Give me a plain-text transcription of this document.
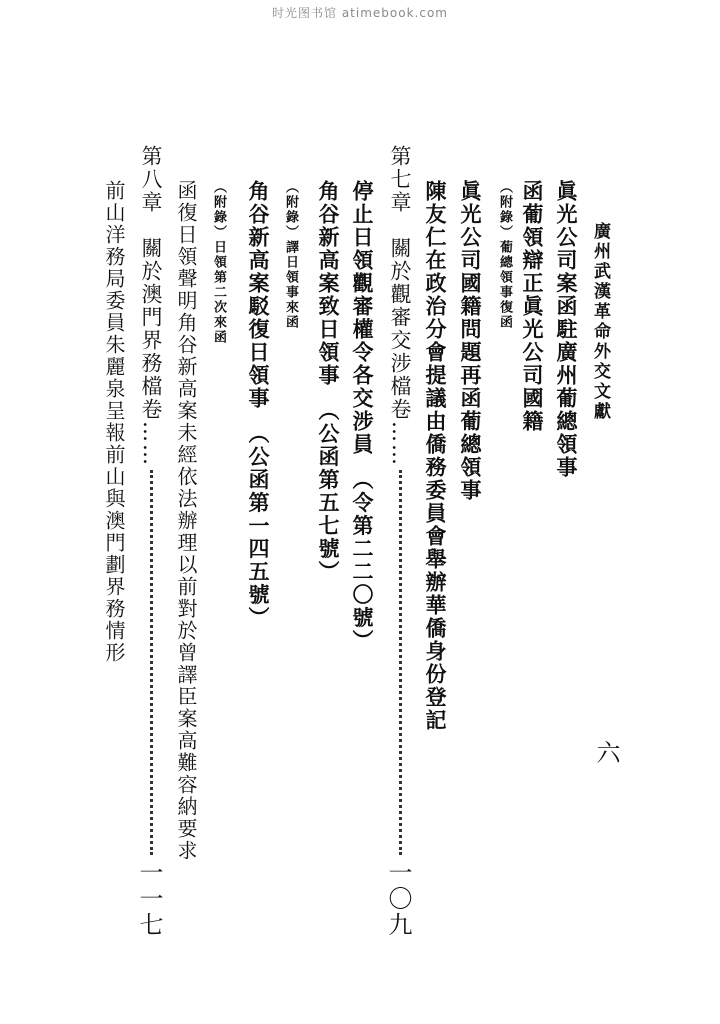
时光图书馆 atimebook.com
廣州武漢革命外交文獻
六
眞光公司案函駐廣州葡總領事
函葡領辯正眞光公司國籍
（附錄）葡總領事復函
眞光公司國籍問題再函葡總領事
陳友仁在政治分會提議由僑務委員會舉辦華僑身份登記
第七章　關於觀審交涉檔卷……
一〇九
停止日領觀審權令各交涉員　（令第二二〇號）
角谷新高案致日領事　（公函第五七號）
（附錄）譯日領事來函
角谷新高案駁復日領事　（公函第一四五號）
（附錄）日領第二次來函
函復日領聲明角谷新高案未經依法辦理以前對於曾譯臣案高難容納要求
第八章　關於澳門界務檔卷……
一一七
前山洋務局委員朱麗泉呈報前山與澳門劃界務情形
